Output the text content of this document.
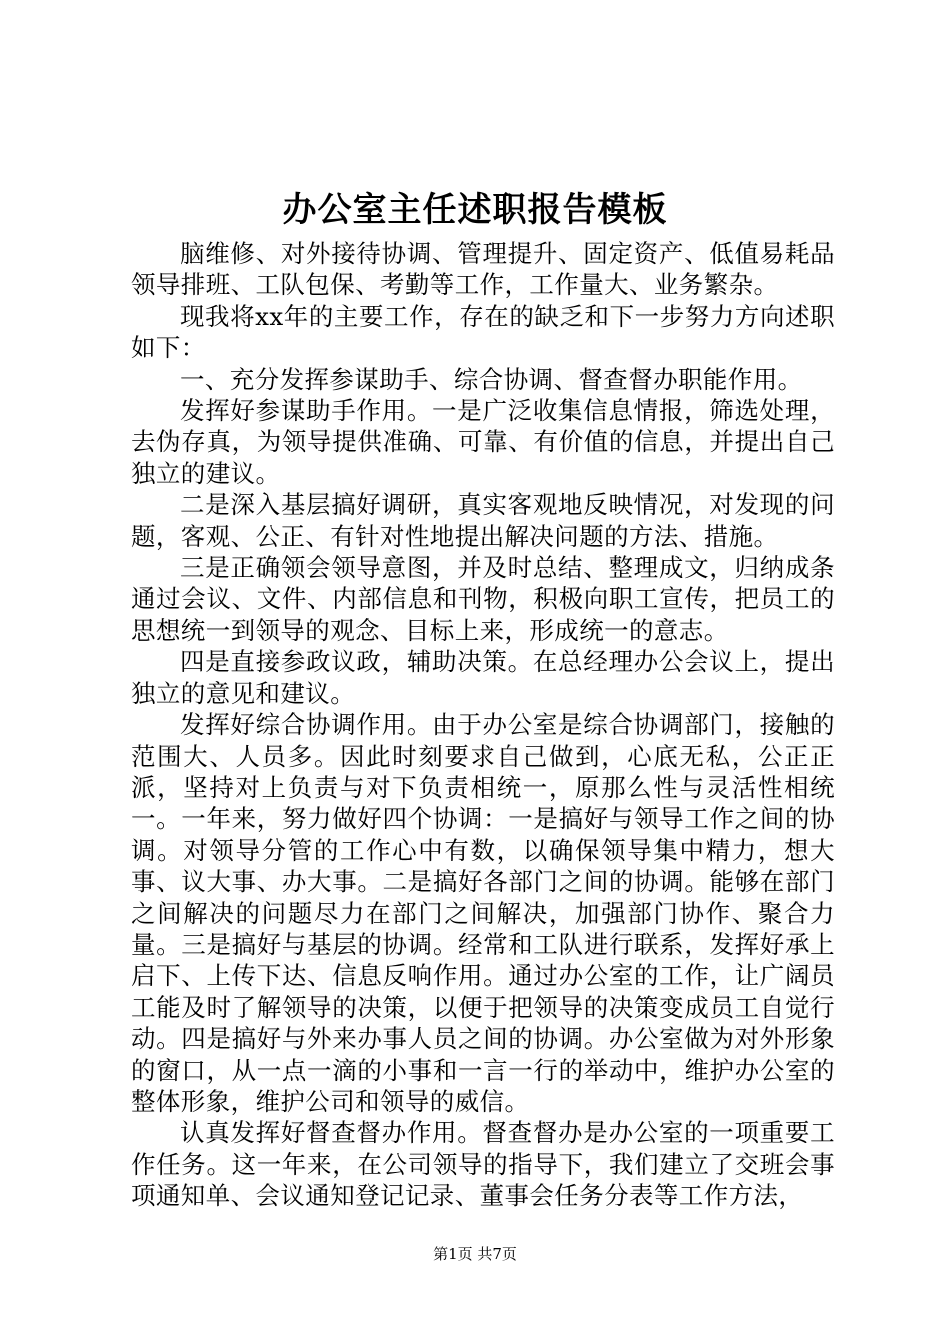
办公室主任述职报告模板

脑维修、对外接待协调、管理提升、固定资产、低值易耗品领导排班、工队包保、考勤等工作，工作量大、业务繁杂。

现我将xx年的主要工作，存在的缺乏和下一步努力方向述职如下：

一、充分发挥参谋助手、综合协调、督查督办职能作用。

发挥好参谋助手作用。一是广泛收集信息情报，筛选处理，去伪存真，为领导提供准确、可靠、有价值的信息，并提出自己独立的建议。

二是深入基层搞好调研，真实客观地反映情况，对发现的问题，客观、公正、有针对性地提出解决问题的方法、措施。

三是正确领会领导意图，并及时总结、整理成文，归纳成条通过会议、文件、内部信息和刊物，积极向职工宣传，把员工的思想统一到领导的观念、目标上来，形成统一的意志。

四是直接参政议政，辅助决策。在总经理办公会议上，提出独立的意见和建议。

发挥好综合协调作用。由于办公室是综合协调部门，接触的范围大、人员多。因此时刻要求自己做到，心底无私，公正正派，坚持对上负责与对下负责相统一，原那么性与灵活性相统一。一年来，努力做好四个协调：一是搞好与领导工作之间的协调。对领导分管的工作心中有数，以确保领导集中精力，想大事、议大事、办大事。二是搞好各部门之间的协调。能够在部门之间解决的问题尽力在部门之间解决，加强部门协作、聚合力量。三是搞好与基层的协调。经常和工队进行联系，发挥好承上启下、上传下达、信息反响作用。通过办公室的工作，让广阔员工能及时了解领导的决策，以便于把领导的决策变成员工自觉行动。四是搞好与外来办事人员之间的协调。办公室做为对外形象的窗口，从一点一滴的小事和一言一行的举动中，维护办公室的整体形象，维护公司和领导的威信。

认真发挥好督查督办作用。督查督办是办公室的一项重要工作任务。这一年来，在公司领导的指导下，我们建立了交班会事项通知单、会议通知登记记录、董事会任务分表等工作方法，

第1页 共7页
